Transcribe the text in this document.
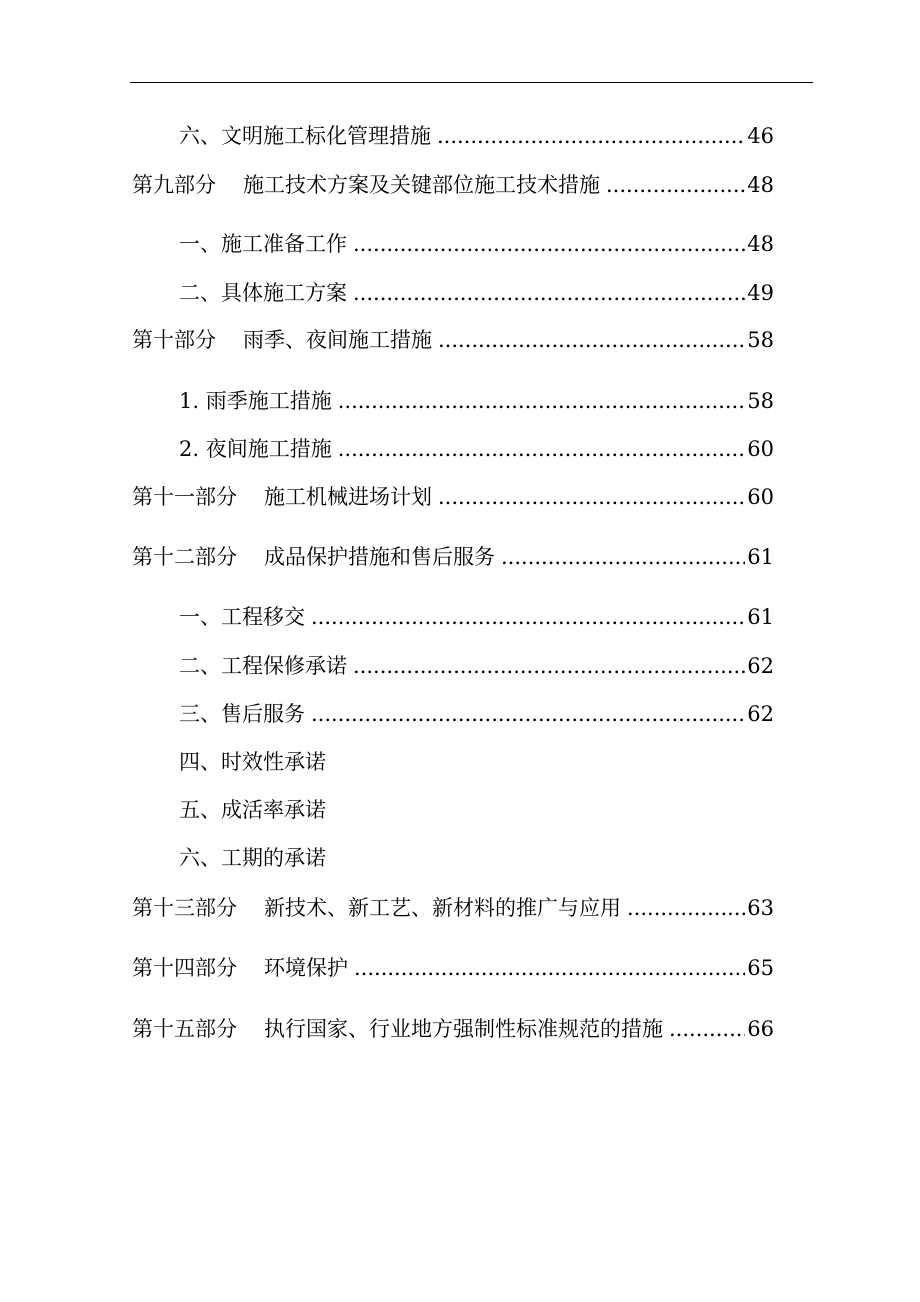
六、文明施工标化管理措施 .....	46
第九部分 施工技术方案及关键部位施工技术措施 .....	48
一、施工准备工作 .....	48
二、具体施工方案 .....	49
第十部分 雨季、夜间施工措施 .....	58
1. 雨季施工措施 .....	58
2. 夜间施工措施 .....	60
第十一部分 施工机械进场计划 .....	60
第十二部分 成品保护措施和售后服务 .....	61
一、工程移交 .....	61
二、工程保修承诺 .....	62
三、售后服务 .....	62
四、时效性承诺
五、成活率承诺
六、工期的承诺
第十三部分 新技术、新工艺、新材料的推广与应用 .....	63
第十四部分 环境保护 .....	65
第十五部分 执行国家、行业地方强制性标准规范的措施 .....	66
